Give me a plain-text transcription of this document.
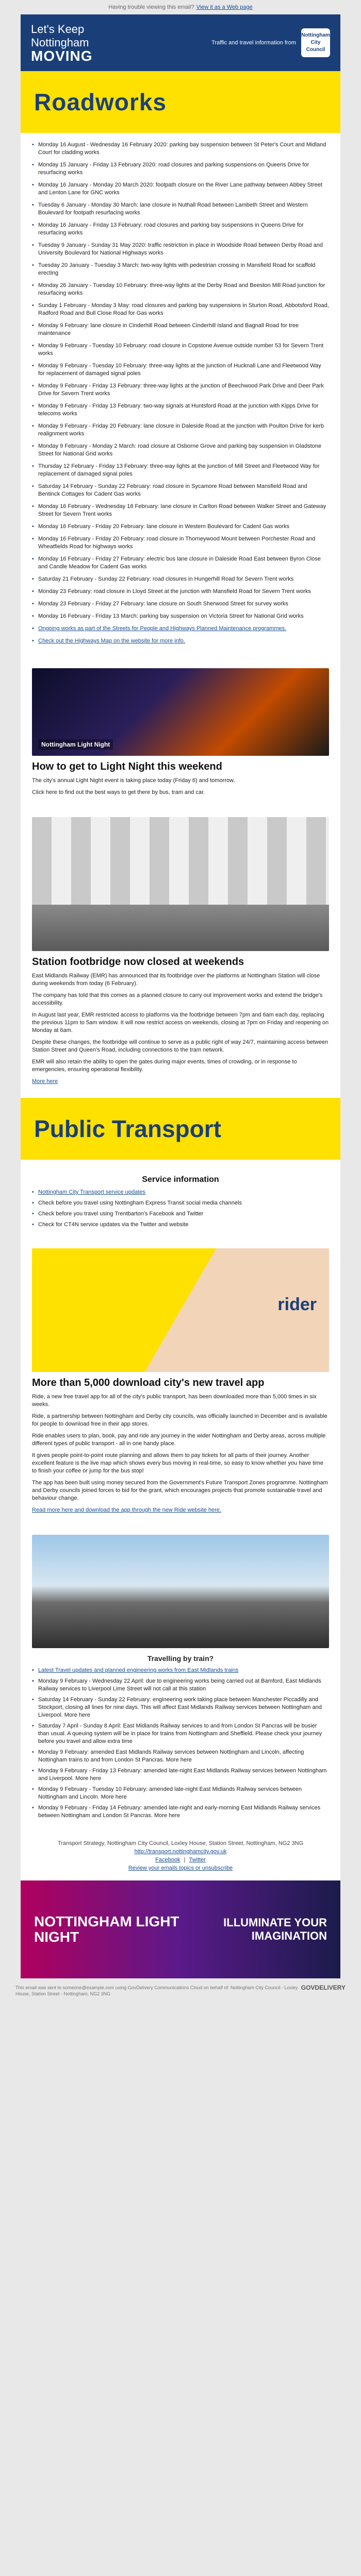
Having trouble viewing this email? View it as a Web page
Let's Keep
Nottingham
MOVING
Traffic and travel information from
Nottingham City Council
Roadworks
• Monday 16 August - Wednesday 16 February 2020: parking bay suspension between St Peter's Court and Midland Court for cladding works
• Monday 15 January - Friday 13 February 2020: road closures and parking suspensions on Queens Drive for resurfacing works
• Monday 16 January - Monday 20 March 2020: footpath closure on the River Lane pathway between Abbey Street and Lenton Lane for GNC works
• Tuesday 6 January - Monday 30 March: lane closure in Nuthall Road between Lambeth Street and Western Boulevard for footpath resurfacing works
• Monday 16 January - Friday 13 February: road closures and parking bay suspensions in Queens Drive for resurfacing works
• Tuesday 9 January - Sunday 31 May 2020: traffic restriction in place in Woodside Road between Derby Road and University Boulevard for National Highways works
• Tuesday 20 January - Tuesday 3 March: two-way lights with pedestrian crossing in Mansfield Road for scaffold erecting
• Monday 26 January - Tuesday 10 February: three-way lights at the Derby Road and Beeston Mill Road junction for resurfacing works
• Sunday 1 February - Monday 3 May: road closures and parking bay suspensions in Sturton Road, Abbotsford Road, Radford Road and Bull Close Road for Gas works
• Monday 9 February: lane closure in Cinderhill Road between Cinderhill Island and Bagnall Road for tree maintenance
• Monday 9 February - Tuesday 10 February: road closure in Copstone Avenue outside number 53 for Severn Trent works
• Monday 9 February - Tuesday 10 February: three-way lights at the junction of Hucknall Lane and Fleetwood Way for replacement of damaged signal poles
• Monday 9 February - Friday 13 February: three-way lights at the junction of Beechwood Park Drive and Deer Park Drive for Severn Trent works
• Monday 9 February - Friday 13 February: two-way signals at Huntsford Road at the junction with Kipps Drive for telecoms works
• Monday 9 February - Friday 20 February: lane closure in Daleside Road at the junction with Poulton Drive for kerb realignment works
• Monday 9 February - Monday 2 March: road closure at Osborne Grove and parking bay suspension in Gladstone Street for National Grid works
• Thursday 12 February - Friday 13 February: three-way lights at the junction of Mill Street and Fleetwood Way for replacement of damaged signal poles
• Saturday 14 February - Sunday 22 February: road closure in Sycamore Road between Mansfield Road and Bentinck Cottages for Cadent Gas works
• Monday 16 February - Wednesday 18 February: lane closure in Carlton Road between Walker Street and Gateway Street for Severn Trent works
• Monday 16 February - Friday 20 February: lane closure in Western Boulevard for Cadent Gas works
• Monday 16 February - Friday 20 February: road closure in Thorneywood Mount between Porchester Road and Wheatfields Road for highways works
• Monday 16 February - Friday 27 February: electric bus lane closure in Daleside Road East between Byron Close and Candle Meadow for Cadent Gas works
• Saturday 21 February - Sunday 22 February: road closures in Hungerhill Road for Severn Trent works
• Monday 23 February: road closure in Lloyd Street at the junction with Mansfield Road for Severn Trent works
• Monday 23 February - Friday 27 February: lane closure on South Sherwood Street for survey works
• Monday 16 February - Friday 13 March: parking bay suspension on Victoria Street for National Grid works
• Ongoing works as part of the Streets for People and Highways Planned Maintenance programmes.
• Check out the Highways Map on the website for more info.
Nottingham Light Night
How to get to Light Night this weekend

The city's annual Light Night event is taking place today (Friday 6) and tomorrow.

Click here to find out the best ways to get there by bus, tram and car.

Station footbridge now closed at weekends

East Midlands Railway (EMR) has announced that its footbridge over the platforms at Nottingham Station will close during weekends from today (6 February).

The company has told that this comes as a planned closure to carry out improvement works and extend the bridge's accessibility.

In August last year, EMR restricted access to platforms via the footbridge between 7pm and 6am each day, replacing the previous 11pm to 5am window. It will now restrict access on weekends, closing at 7pm on Friday and reopening on Monday at 6am.

Despite these changes, the footbridge will continue to serve as a public right of way 24/7, maintaining access between Station Street and Queen's Road, including connections to the tram network.

EMR will also retain the ability to open the gates during major events, times of crowding, or in response to emergencies, ensuring operational flexibility.

More here

Public Transport
Service information
• Nottingham City Transport service updates
• Check before you travel using Nottingham Express Transit social media channels
• Check before you travel using Trentbarton's Facebook and Twitter
• Check for CT4N service updates via the Twitter and website
rider
More than 5,000 download city's new travel app

Ride, a new free travel app for all of the city's public transport, has been downloaded more than 5,000 times in six weeks.

Ride, a partnership between Nottingham and Derby city councils, was officially launched in December and is available for people to download free in their app stores.

Ride enables users to plan, book, pay and ride any journey in the wider Nottingham and Derby areas, across multiple different types of public transport - all in one handy place.

It gives people point-to-point route planning and allows them to pay tickets for all parts of their journey. Another excellent feature is the live map which shows every bus moving in real-time, so easy to know whether you have time to finish your coffee or jump for the bus stop!

The app has been built using money secured from the Government's Future Transport Zones programme. Nottingham and Derby councils joined forces to bid for the grant, which encourages projects that promote sustainable travel and behaviour change.

Read more here and download the app through the new Ride website here.

Travelling by train?
• Latest Travel updates and planned engineering works from East Midlands trains
• Monday 9 February - Wednesday 22 April: due to engineering works being carried out at Bamford, East Midlands Railway services to Liverpool Lime Street will not call at this station
• Saturday 14 February - Sunday 22 February: engineering work taking place between Manchester Piccadilly and Stockport, closing all lines for nine days. This will affect East Midlands Railway services between Nottingham and Liverpool. More here
• Saturday 7 April - Sunday 8 April: East Midlands Railway services to and from London St Pancras will be busier than usual. A queuing system will be in place for trains from Nottingham and Sheffield. Please check your journey before you travel and allow extra time
• Monday 9 February: amended East Midlands Railway services between Nottingham and Lincoln, affecting Nottingham trains to and from London St Pancras. More here
• Monday 9 February - Friday 13 February: amended late-night East Midlands Railway services between Nottingham and Liverpool. More here
• Monday 9 February - Tuesday 10 February: amended late-night East Midlands Railway services between Nottingham and Lincoln. More here
• Monday 9 February - Friday 14 February: amended late-night and early-morning East Midlands Railway services between Nottingham and London St Pancras. More here

Transport Strategy, Nottingham City Council, Loxley House, Station Street, Nottingham, NG2 3NG

http://transport.nottinghamcity.gov.uk

Facebook | Twitter

Review your emails topics or unsubscribe

NOTTINGHAM LIGHT NIGHT
ILLUMINATE YOUR IMAGINATION
This email was sent to someone@example.com using GovDelivery Communications Cloud on behalf of: Nottingham City Council - Loxley House, Station Street - Nottingham, NG2 3NG
GOVDELIVERY
